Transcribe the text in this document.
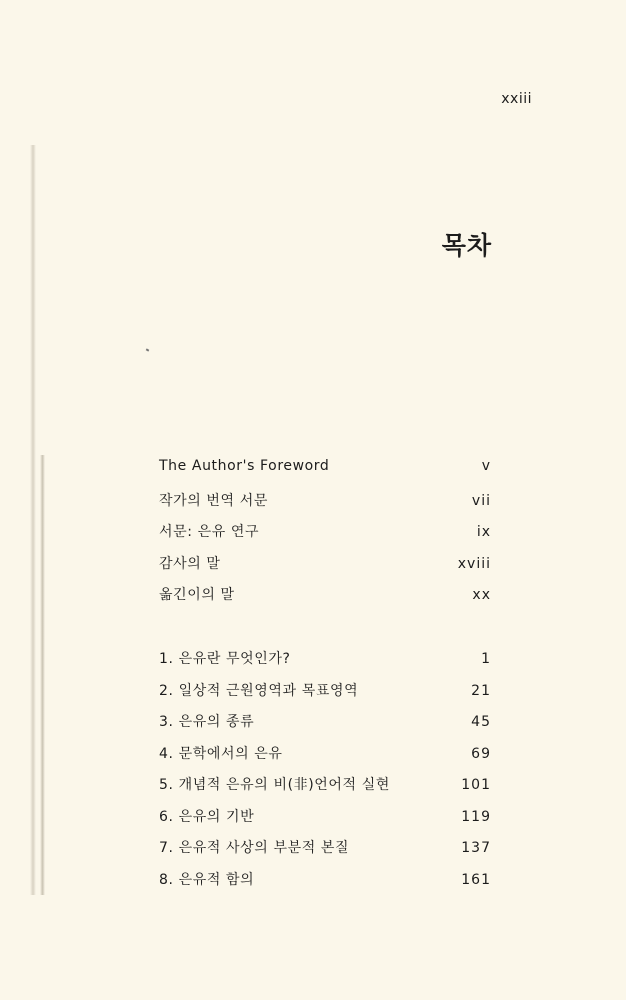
xxiii
목차
The Author's Foreword	v
작가의 번역 서문	vii
서문: 은유 연구	ix
감사의 말	xviii
옮긴이의 말	xx
1. 은유란 무엇인가?	1
2. 일상적 근원영역과 목표영역	21
3. 은유의 종류	45
4. 문학에서의 은유	69
5. 개념적 은유의 비(非)언어적 실현	101
6. 은유의 기반	119
7. 은유적 사상의 부분적 본질	137
8. 은유적 함의	161
